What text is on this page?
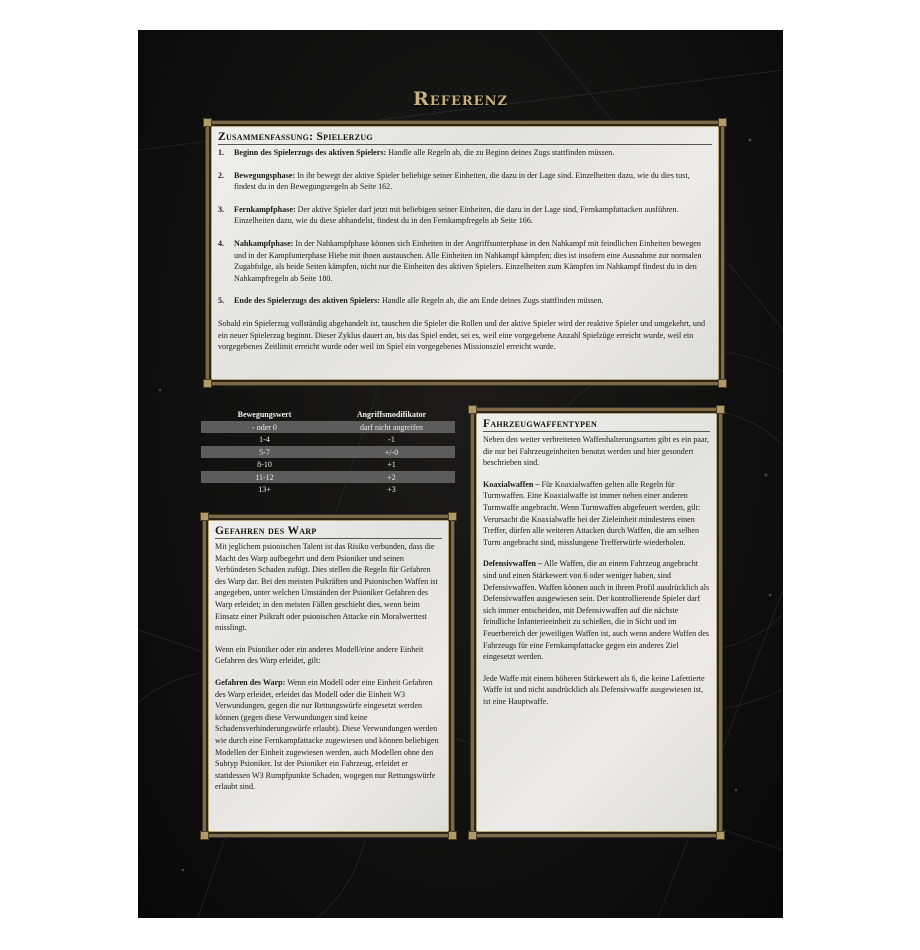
Referenz
Zusammenfassung: Spielerzug
1.	Beginn des Spielerzugs des aktiven Spielers: Handle alle Regeln ab, die zu Beginn deines Zugs stattfinden müssen.
2.	Bewegungsphase: In ihr bewegt der aktive Spieler beliebige seiner Einheiten, die dazu in der Lage sind. Einzelheiten dazu, wie du dies tust, findest du in den Bewegungsregeln ab Seite 162.
3.	Fernkampfphase: Der aktive Spieler darf jetzt mit beliebigen seiner Einheiten, die dazu in der Lage sind, Fernkampfattacken ausführen. Einzelheiten dazu, wie du diese abhandelst, findest du in den Fernkampfregeln ab Seite 166.
4.	Nahkampfphase: In der Nahkampfphase können sich Einheiten in der Angriffsunterphase in den Nahkampf mit feindlichen Einheiten bewegen und in der Kampfunterphase Hiebe mit ihnen austauschen. Alle Einheiten im Nahkampf kämpfen; dies ist insofern eine Ausnahme zur normalen Zugabfolge, als beide Seiten kämpfen, nicht nur die Einheiten des aktiven Spielers. Einzelheiten zum Kämpfen im Nahkampf findest du in den Nahkampfregeln ab Seite 180.
5.	Ende des Spielerzugs des aktiven Spielers: Handle alle Regeln ab, die am Ende deines Zugs stattfinden müssen.
Sobald ein Spielerzug vollständig abgehandelt ist, tauschen die Spieler die Rollen und der aktive Spieler wird der reaktive Spieler und umgekehrt, und ein neuer Spielerzug beginnt. Dieser Zyklus dauert an, bis das Spiel endet, sei es, weil eine vorgegebene Anzahl Spielzüge erreicht wurde, weil ein vorgegebenes Zeitlimit erreicht wurde oder weil im Spiel ein vorgegebenes Missionsziel erreicht wurde.
Bewegungswert	Angriffsmodifikator
- oder 0	darf nicht angreifen
1-4	-1
5-7	+/-0
8-10	+1
11-12	+2
13+	+3
Gefahren des Warp

Mit jeglichem psionischen Talent ist das Risiko verbunden, dass die Macht des Warp aufbegehrt und dem Psioniker und seinen Verbündeten Schaden zufügt. Dies stellen die Regeln für Gefahren des Warp dar. Bei den meisten Psikräften und Psionischen Waffen ist angegeben, unter welchen Umständen der Psioniker Gefahren des Warp erleidet; in den meisten Fällen geschieht dies, wenn beim Einsatz einer Psikraft oder psionischen Attacke ein Moralwerttest misslingt.

Wenn ein Psioniker oder ein anderes Modell/eine andere Einheit Gefahren des Warp erleidet, gilt:

Gefahren des Warp: Wenn ein Modell oder eine Einheit Gefahren des Warp erleidet, erleidet das Modell oder die Einheit W3 Verwundungen, gegen die nur Rettungswürfe eingesetzt werden können (gegen diese Verwundungen sind keine Schadensverhinderungswürfe erlaubt). Diese Verwundungen werden wie durch eine Fernkampfattacke zugewiesen und können beliebigen Modellen der Einheit zugewiesen werden, auch Modellen ohne den Subtyp Psioniker. Ist der Psioniker ein Fahrzeug, erleidet er stattdessen W3 Rumpfpunkte Schaden, wogegen nur Rettungswürfe erlaubt sind.

Fahrzeugwaffentypen

Neben den weiter verbreiteten Waffenhalterungsarten gibt es ein paar, die nur bei Fahrzeugeinheiten benutzt werden und hier gesondert beschrieben sind.

Koaxialwaffen – Für Koaxialwaffen gelten alle Regeln für Turmwaffen. Eine Koaxialwaffe ist immer neben einer anderen Turmwaffe angebracht. Wenn Turmwaffen abgefeuert werden, gilt: Verursacht die Koaxialwaffe bei der Zieleinheit mindestens einen Treffer, dürfen alle weiteren Attacken durch Waffen, die am selben Turm angebracht sind, misslungene Trefferwürfe wiederholen.

Defensivwaffen – Alle Waffen, die an einem Fahrzeug angebracht sind und einen Stärkewert von 6 oder weniger haben, sind Defensivwaffen. Waffen können auch in ihrem Profil ausdrücklich als Defensivwaffen ausgewiesen sein. Der kontrollierende Spieler darf sich immer entscheiden, mit Defensivwaffen auf die nächste feindliche Infanterieeinheit zu schießen, die in Sicht und im Feuerbereich der jeweiligen Waffen ist, auch wenn andere Waffen des Fahrzeugs für eine Fernkampfattacke gegen ein anderes Ziel eingesetzt werden.

Jede Waffe mit einem höheren Stärkewert als 6, die keine Lafettierte Waffe ist und nicht ausdrücklich als Defensivwaffe ausgewiesen ist, ist eine Hauptwaffe.
